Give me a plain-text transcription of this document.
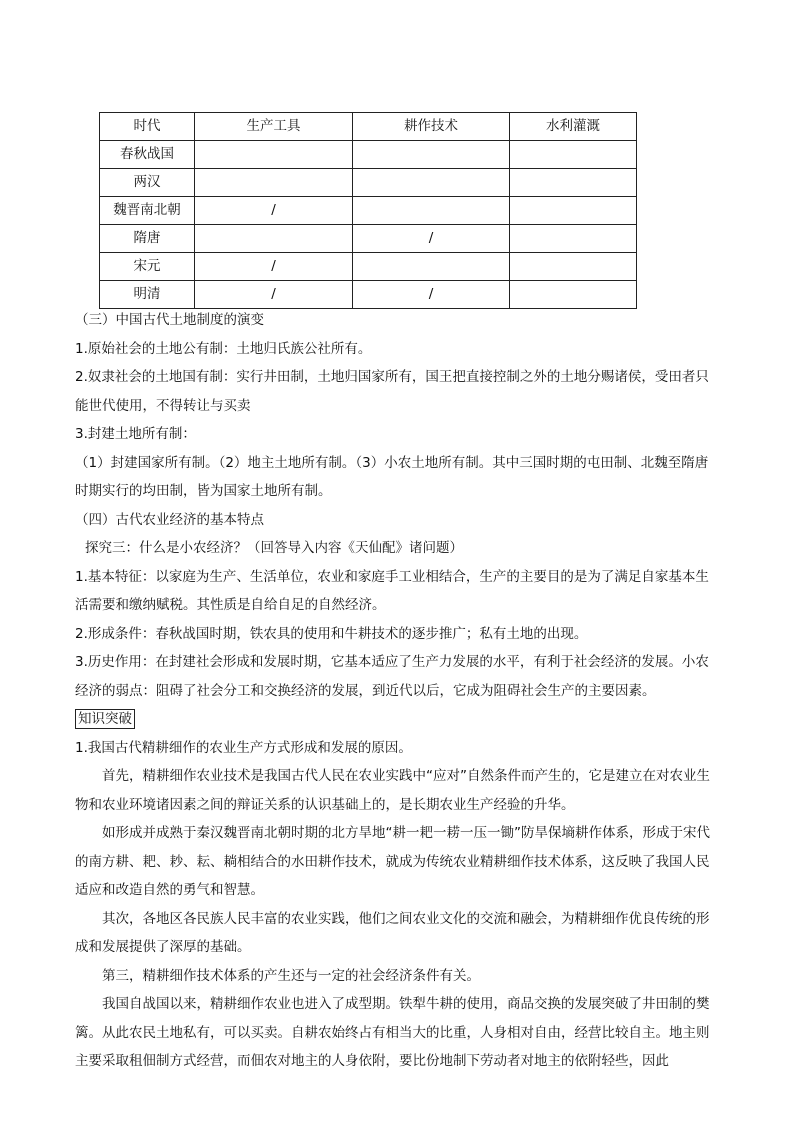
时代	生产工具	耕作技术	水利灌溉
春秋战国			
两汉			
魏晋南北朝	/		
隋唐		/	
宋元	/		
明清	/	/	

（三）中国古代土地制度的演变

1.原始社会的土地公有制：土地归氏族公社所有。

2.奴隶社会的土地国有制：实行井田制，土地归国家所有，国王把直接控制之外的土地分赐诸侯，受田者只能世代使用，不得转让与买卖

3.封建土地所有制：

（1）封建国家所有制。（2）地主土地所有制。（3）小农土地所有制。其中三国时期的屯田制、北魏至隋唐时期实行的均田制，皆为国家土地所有制。

（四）古代农业经济的基本特点

探究三：什么是小农经济？（回答导入内容《天仙配》诸问题）

1.基本特征：以家庭为生产、生活单位，农业和家庭手工业相结合，生产的主要目的是为了满足自家基本生活需要和缴纳赋税。其性质是自给自足的自然经济。

2.形成条件：春秋战国时期，铁农具的使用和牛耕技术的逐步推广；私有土地的出现。

3.历史作用：在封建社会形成和发展时期，它基本适应了生产力发展的水平，有利于社会经济的发展。小农经济的弱点：阻碍了社会分工和交换经济的发展，到近代以后，它成为阻碍社会生产的主要因素。

知识突破

1.我国古代精耕细作的农业生产方式形成和发展的原因。

首先，精耕细作农业技术是我国古代人民在农业实践中“应对”自然条件而产生的，它是建立在对农业生物和农业环境诸因素之间的辩证关系的认识基础上的，是长期农业生产经验的升华。

如形成并成熟于秦汉魏晋南北朝时期的北方旱地“耕一耙一耢一压一锄”防旱保墒耕作体系，形成于宋代的南方耕、耙、耖、耘、耥相结合的水田耕作技术，就成为传统农业精耕细作技术体系，这反映了我国人民适应和改造自然的勇气和智慧。

其次，各地区各民族人民丰富的农业实践，他们之间农业文化的交流和融会，为精耕细作优良传统的形成和发展提供了深厚的基础。

第三，精耕细作技术体系的产生还与一定的社会经济条件有关。

我国自战国以来，精耕细作农业也进入了成型期。铁犁牛耕的使用，商品交换的发展突破了井田制的樊篱。从此农民土地私有，可以买卖。自耕农始终占有相当大的比重，人身相对自由，经营比较自主。地主则主要采取租佃制方式经营，而佃农对地主的人身依附，要比份地制下劳动者对地主的依附轻些，因此
